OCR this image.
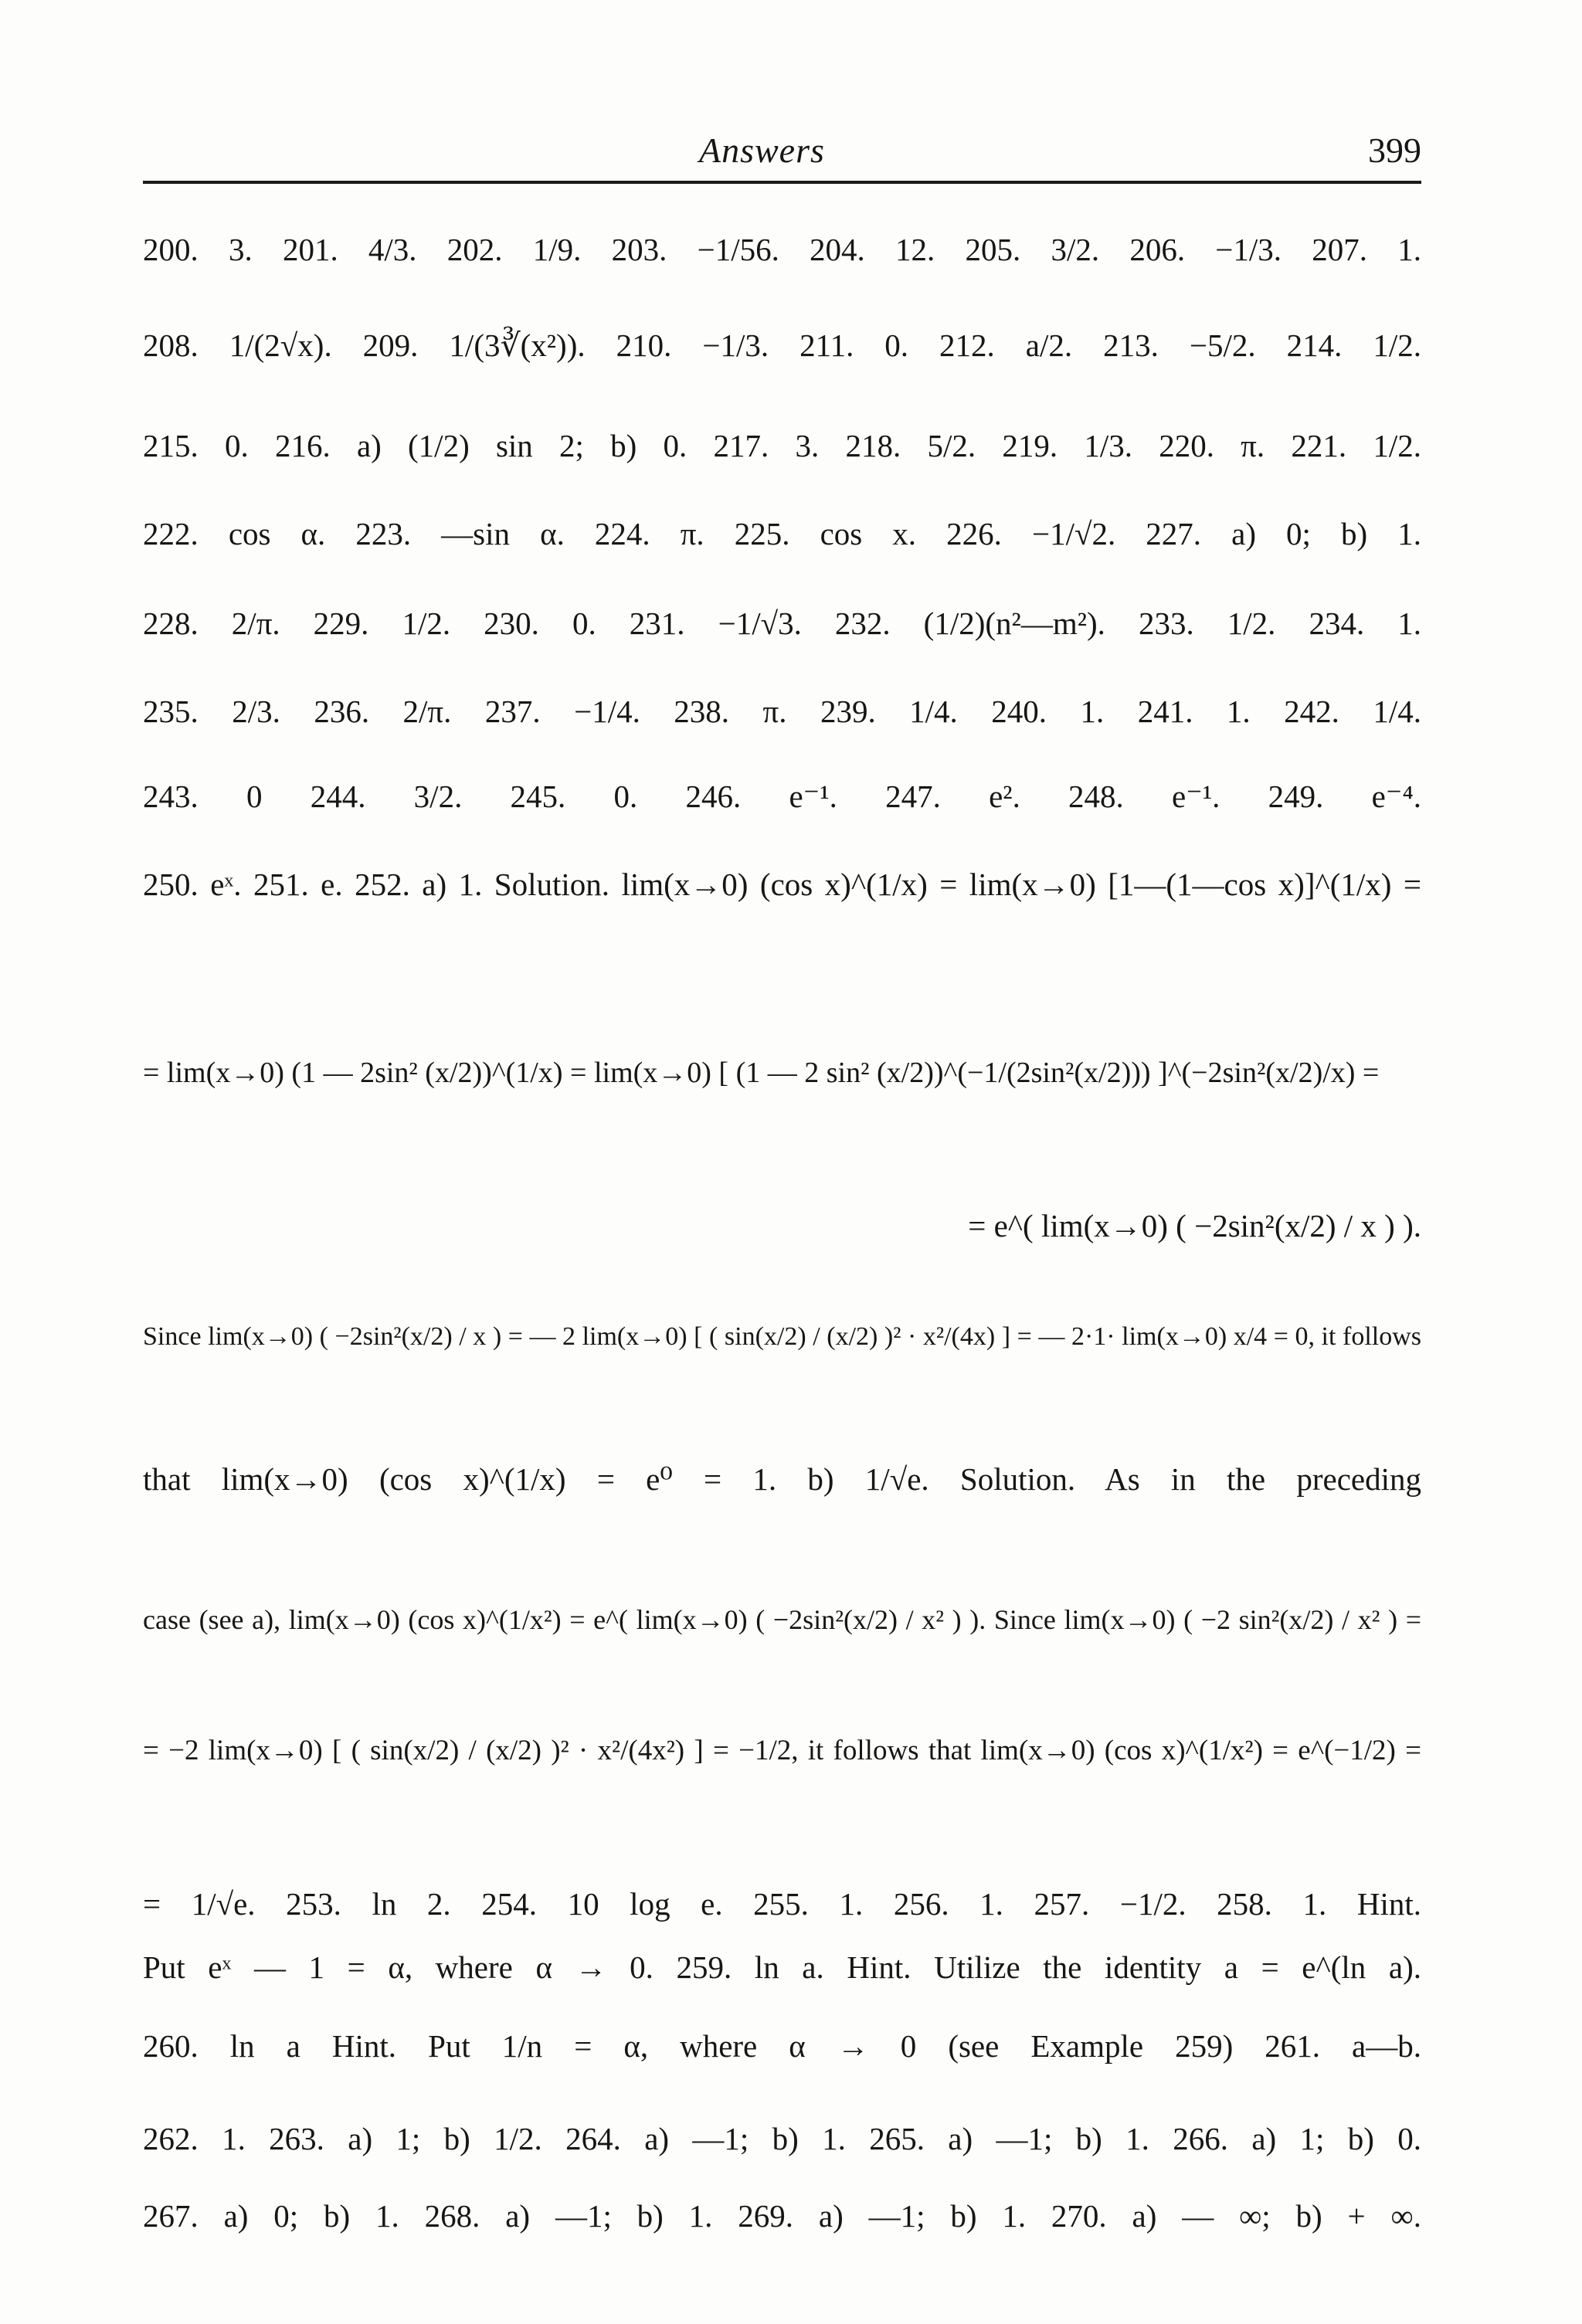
Answers	399
200. 3. 201. 4/3. 202. 1/9. 203. −1/56. 204. 12. 205. 3/2. 206. −1/3. 207. 1.
208. 1/(2√x). 209. 1/(3∛(x²)). 210. −1/3. 211. 0. 212. a/2. 213. −5/2. 214. 1/2.
215. 0. 216. a) (1/2) sin 2; b) 0. 217. 3. 218. 5/2. 219. 1/3. 220. π. 221. 1/2.
222. cos α. 223. —sin α. 224. π. 225. cos x. 226. −1/√2. 227. a) 0; b) 1.
228. 2/π. 229. 1/2. 230. 0. 231. −1/√3. 232. (1/2)(n²—m²). 233. 1/2. 234. 1.
235. 2/3. 236. 2/π. 237. −1/4. 238. π. 239. 1/4. 240. 1. 241. 1. 242. 1/4.
243. 0 244. 3/2. 245. 0. 246. e⁻¹. 247. e². 248. e⁻¹. 249. e⁻⁴.
250. eˣ. 251. e. 252. a) 1. Solution. lim(x→0) (cos x)^(1/x) = lim(x→0) [1—(1—cos x)]^(1/x) =
= lim(x→0) (1 — 2sin² (x/2))^(1/x) = lim(x→0) [ (1 — 2 sin² (x/2))^(−1/(2sin²(x/2))) ]^(−2sin²(x/2)/x) =
= e^( lim(x→0) ( −2sin²(x/2) / x ) ).
Since lim(x→0) ( −2sin²(x/2) / x ) = — 2 lim(x→0) [ ( sin(x/2) / (x/2) )² · x²/(4x) ] = — 2·1· lim(x→0) x/4 = 0, it follows
that lim(x→0) (cos x)^(1/x) = e⁰ = 1. b) 1/√e. Solution. As in the preceding
case (see a), lim(x→0) (cos x)^(1/x²) = e^( lim(x→0) ( −2sin²(x/2) / x² ) ). Since lim(x→0) ( −2 sin²(x/2) / x² ) =
= −2 lim(x→0) [ ( sin(x/2) / (x/2) )² · x²/(4x²) ] = −1/2, it follows that lim(x→0) (cos x)^(1/x²) = e^(−1/2) =
= 1/√e. 253. ln 2. 254. 10 log e. 255. 1. 256. 1. 257. −1/2. 258. 1. Hint.
Put eˣ — 1 = α, where α → 0. 259. ln a. Hint. Utilize the identity a = e^(ln a).
260. ln a Hint. Put 1/n = α, where α → 0 (see Example 259) 261. a—b.
262. 1. 263. a) 1; b) 1/2. 264. a) —1; b) 1. 265. a) —1; b) 1. 266. a) 1; b) 0.
267. a) 0; b) 1. 268. a) —1; b) 1. 269. a) —1; b) 1. 270. a) — ∞; b) + ∞.
